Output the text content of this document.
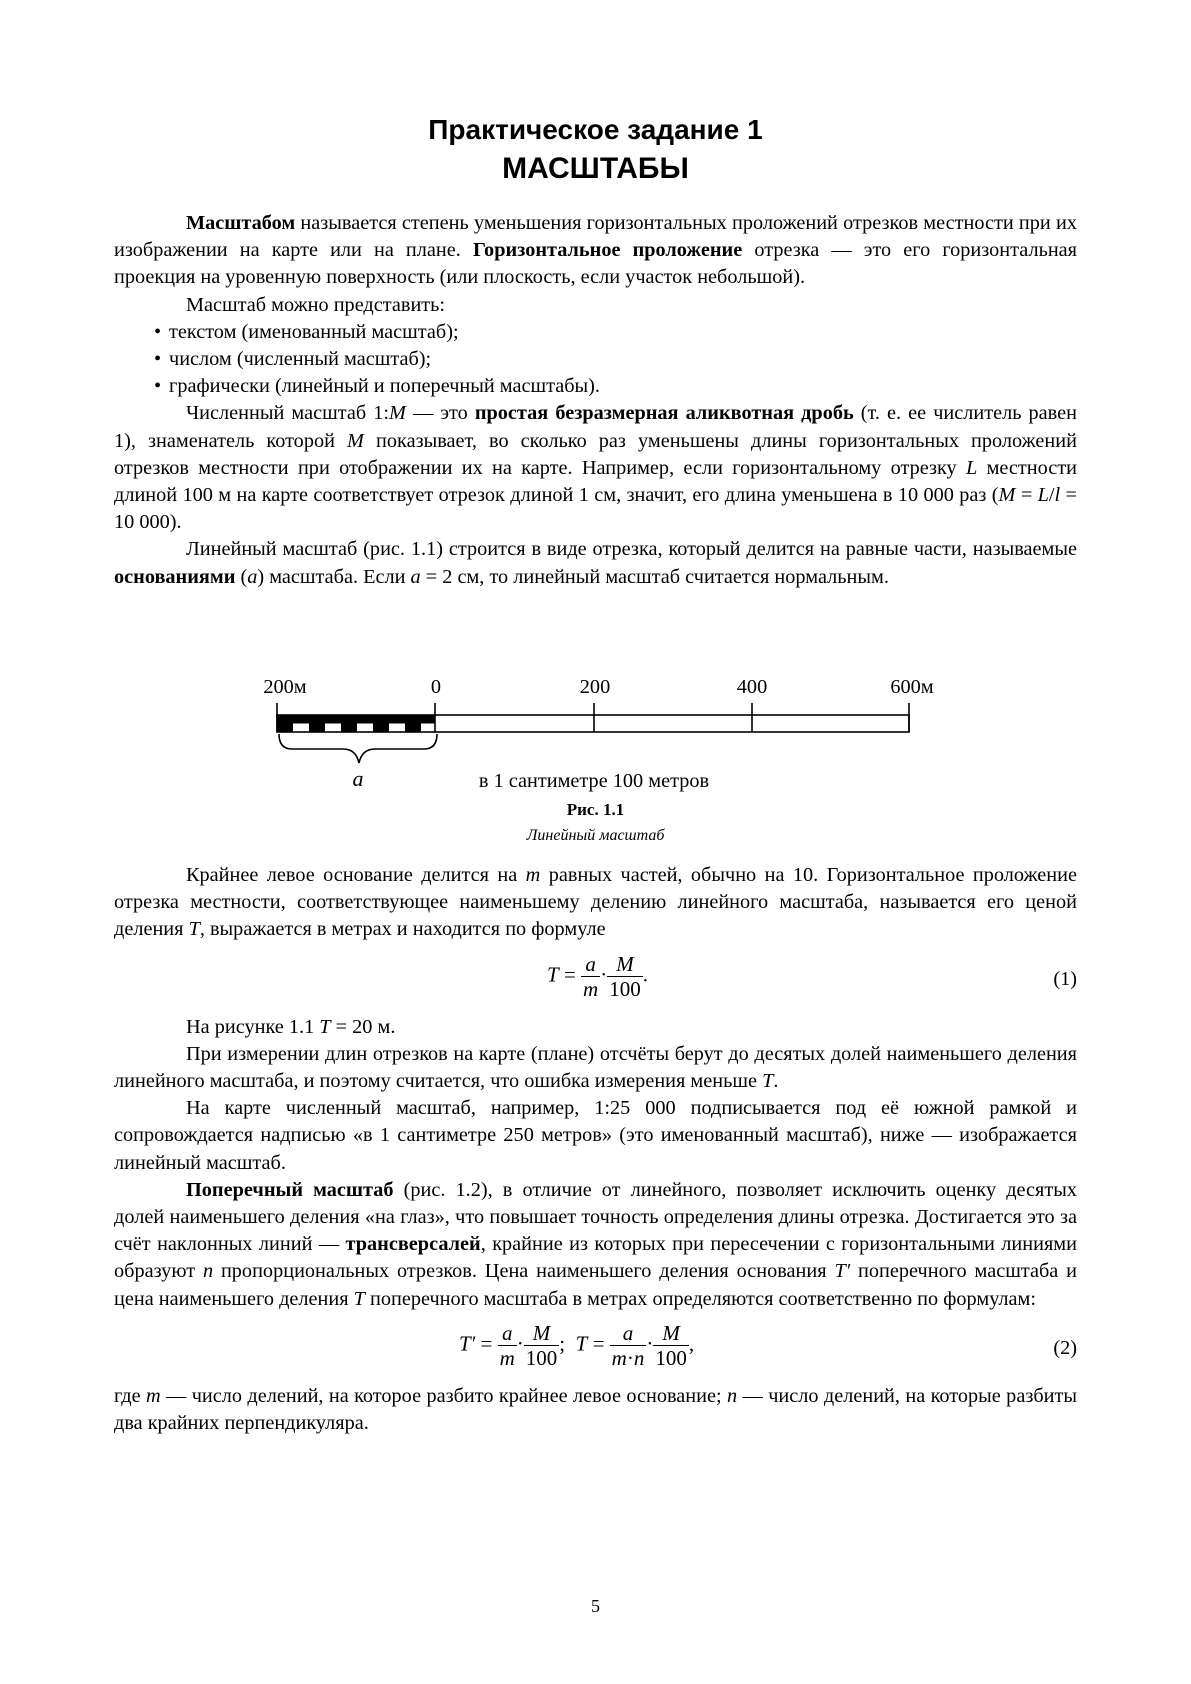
Практическое задание 1
МАСШТАБЫ

Масштабом называется степень уменьшения горизонтальных проложений отрезков местности при их изображении на карте или на плане. Горизонтальное проложение отрезка — это его горизонтальная проекция на уровенную поверхность (или плоскость, если участок небольшой).

Масштаб можно представить:

• текстом (именованный масштаб);
• числом (численный масштаб);
• графически (линейный и поперечный масштабы).

Численный масштаб 1:M — это простая безразмерная аликвотная дробь (т. е. ее числитель равен 1), знаменатель которой M показывает, во сколько раз уменьшены длины горизонтальных проложений отрезков местности при отображении их на карте. Например, если горизонтальному отрезку L местности длиной 100 м на карте соответствует отрезок длиной 1 см, значит, его длина уменьшена в 10 000 раз (M = L/l = 10 000).

Линейный масштаб (рис. 1.1) строится в виде отрезка, который делится на равные части, называемые основаниями (a) масштаба. Если a = 2 см, то линейный масштаб считается нормальным.

200м	0	200	400	600м
a	в 1 сантиметре 100 метров
Рис. 1.1
Линейный масштаб

Крайнее левое основание делится на m равных частей, обычно на 10. Горизонтальное проложение отрезка местности, соответствующее наименьшему делению линейного масштаба, называется его ценой деления T, выражается в метрах и находится по формуле

$T = \frac{a}{m} \cdot \frac{M}{100}$ .	(1)

На рисунке 1.1 T = 20 м.

При измерении длин отрезков на карте (плане) отсчёты берут до десятых долей наименьшего деления линейного масштаба, и поэтому считается, что ошибка измерения меньше T.

На карте численный масштаб, например, 1:25 000 подписывается под её южной рамкой и сопровождается надписью «в 1 сантиметре 250 метров» (это именованный масштаб), ниже — изображается линейный масштаб.

Поперечный масштаб (рис. 1.2), в отличие от линейного, позволяет исключить оценку десятых долей наименьшего деления «на глаз», что повышает точность определения длины отрезка. Достигается это за счёт наклонных линий — трансверсалей, крайние из которых при пересечении с горизонтальными линиями образуют n пропорциональных отрезков. Цена наименьшего деления основания T′ поперечного масштаба и цена наименьшего деления T поперечного масштаба в метрах определяются соответственно по формулам:

$T' = \frac{a}{m} \cdot \frac{M}{100}$ ; $T = \frac{a}{m\cdot n} \cdot \frac{M}{100}$ ,	(2)

где m — число делений, на которое разбито крайнее левое основание; n — число делений, на которые разбиты два крайних перпендикуляра.

5
